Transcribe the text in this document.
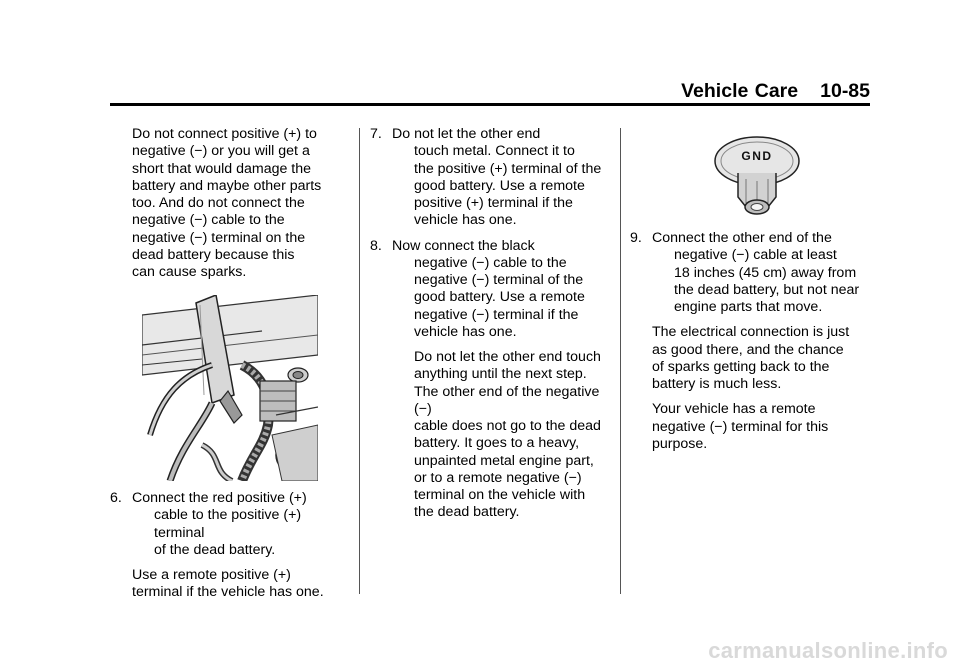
Vehicle Care 10-85

Do not connect positive (+) to

negative (−) or you will get a

short that would damage the

battery and maybe other parts

too. And do not connect the

negative (−) cable to the

negative (−) terminal on the

dead battery because this

can cause sparks.

6. Connect the red positive (+)

cable to the positive (+) terminal

of the dead battery.

Use a remote positive (+)

terminal if the vehicle has one.

7. Do not let the other end

touch metal. Connect it to

the positive (+) terminal of the

good battery. Use a remote

positive (+) terminal if the

vehicle has one.

8. Now connect the black

negative (−) cable to the

negative (−) terminal of the

good battery. Use a remote

negative (−) terminal if the

vehicle has one.

Do not let the other end touch

anything until the next step.

The other end of the negative (−)

cable does not go to the dead

battery. It goes to a heavy,

unpainted metal engine part,

or to a remote negative (−)

terminal on the vehicle with

the dead battery.

GND
9. Connect the other end of the

negative (−) cable at least

18 inches (45 cm) away from

the dead battery, but not near

engine parts that move.

The electrical connection is just

as good there, and the chance

of sparks getting back to the

battery is much less.

Your vehicle has a remote

negative (−) terminal for this

purpose.

carmanualsonline.info
